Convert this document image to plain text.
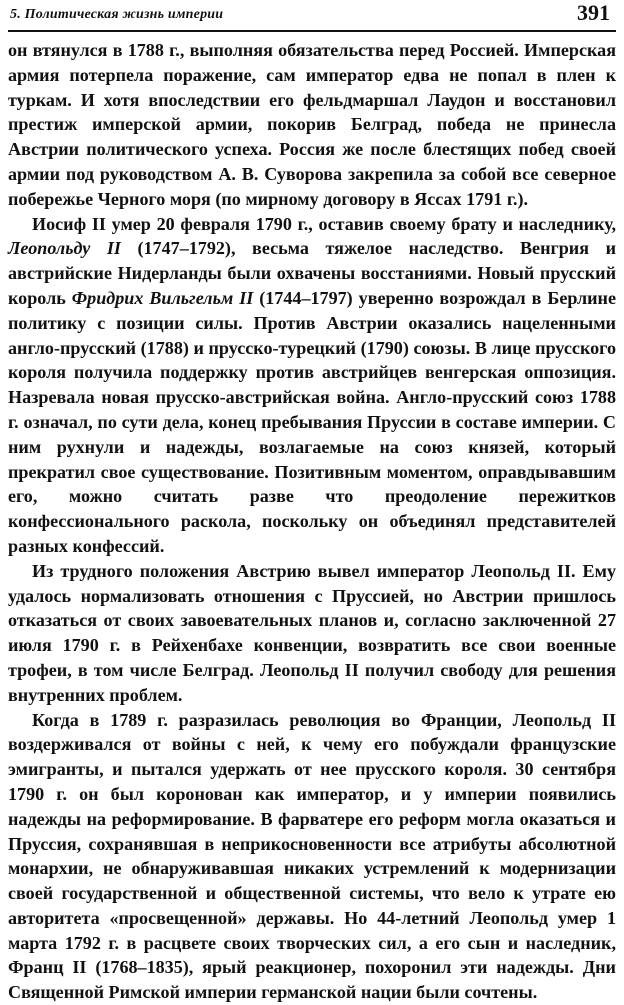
5. Политическая жизнь империи	391

он втянулся в 1788 г., выполняя обязательства перед Россией. Имперская армия потерпела поражение, сам император едва не попал в плен к туркам. И хотя впоследствии его фельдмаршал Лаудон и восстановил престиж имперской армии, покорив Белград, победа не принесла Австрии политического успеха. Россия же после блестящих побед своей армии под руководством А. В. Суворова закрепила за собой все северное побережье Черного моря (по мирному договору в Яссах 1791 г.).

Иосиф II умер 20 февраля 1790 г., оставив своему брату и наследнику, Леопольду II (1747–1792), весьма тяжелое наследство. Венгрия и австрийские Нидерланды были охвачены восстаниями. Новый прусский король Фридрих Вильгельм II (1744–1797) уверенно возрождал в Берлине политику с позиции силы. Против Австрии оказались нацеленными англо-прусский (1788) и прусско-турецкий (1790) союзы. В лице прусского короля получила поддержку против австрийцев венгерская оппозиция. Назревала новая прусско-австрийская война. Англо-прусский союз 1788 г. означал, по сути дела, конец пребывания Пруссии в составе империи. С ним рухнули и надежды, возлагаемые на союз князей, который прекратил свое существование. Позитивным моментом, оправдывавшим его, можно считать разве что преодоление пережитков конфессионального раскола, поскольку он объединял представителей разных конфессий.

Из трудного положения Австрию вывел император Леопольд II. Ему удалось нормализовать отношения с Пруссией, но Австрии пришлось отказаться от своих завоевательных планов и, согласно заключенной 27 июля 1790 г. в Рейхенбахе конвенции, возвратить все свои военные трофеи, в том числе Белград. Леопольд II получил свободу для решения внутренних проблем.

Когда в 1789 г. разразилась революция во Франции, Леопольд II воздерживался от войны с ней, к чему его побуждали французские эмигранты, и пытался удержать от нее прусского короля. 30 сентября 1790 г. он был коронован как император, и у империи появились надежды на реформирование. В фарватере его реформ могла оказаться и Пруссия, сохранявшая в неприкосновенности все атрибуты абсолютной монархии, не обнаруживавшая никаких устремлений к модернизации своей государственной и общественной системы, что вело к утрате ею авторитета «просвещенной» державы. Но 44-летний Леопольд умер 1 марта 1792 г. в расцвете своих творческих сил, а его сын и наследник, Франц II (1768–1835), ярый реакционер, похоронил эти надежды. Дни Священной Римской империи германской нации были сочтены.
